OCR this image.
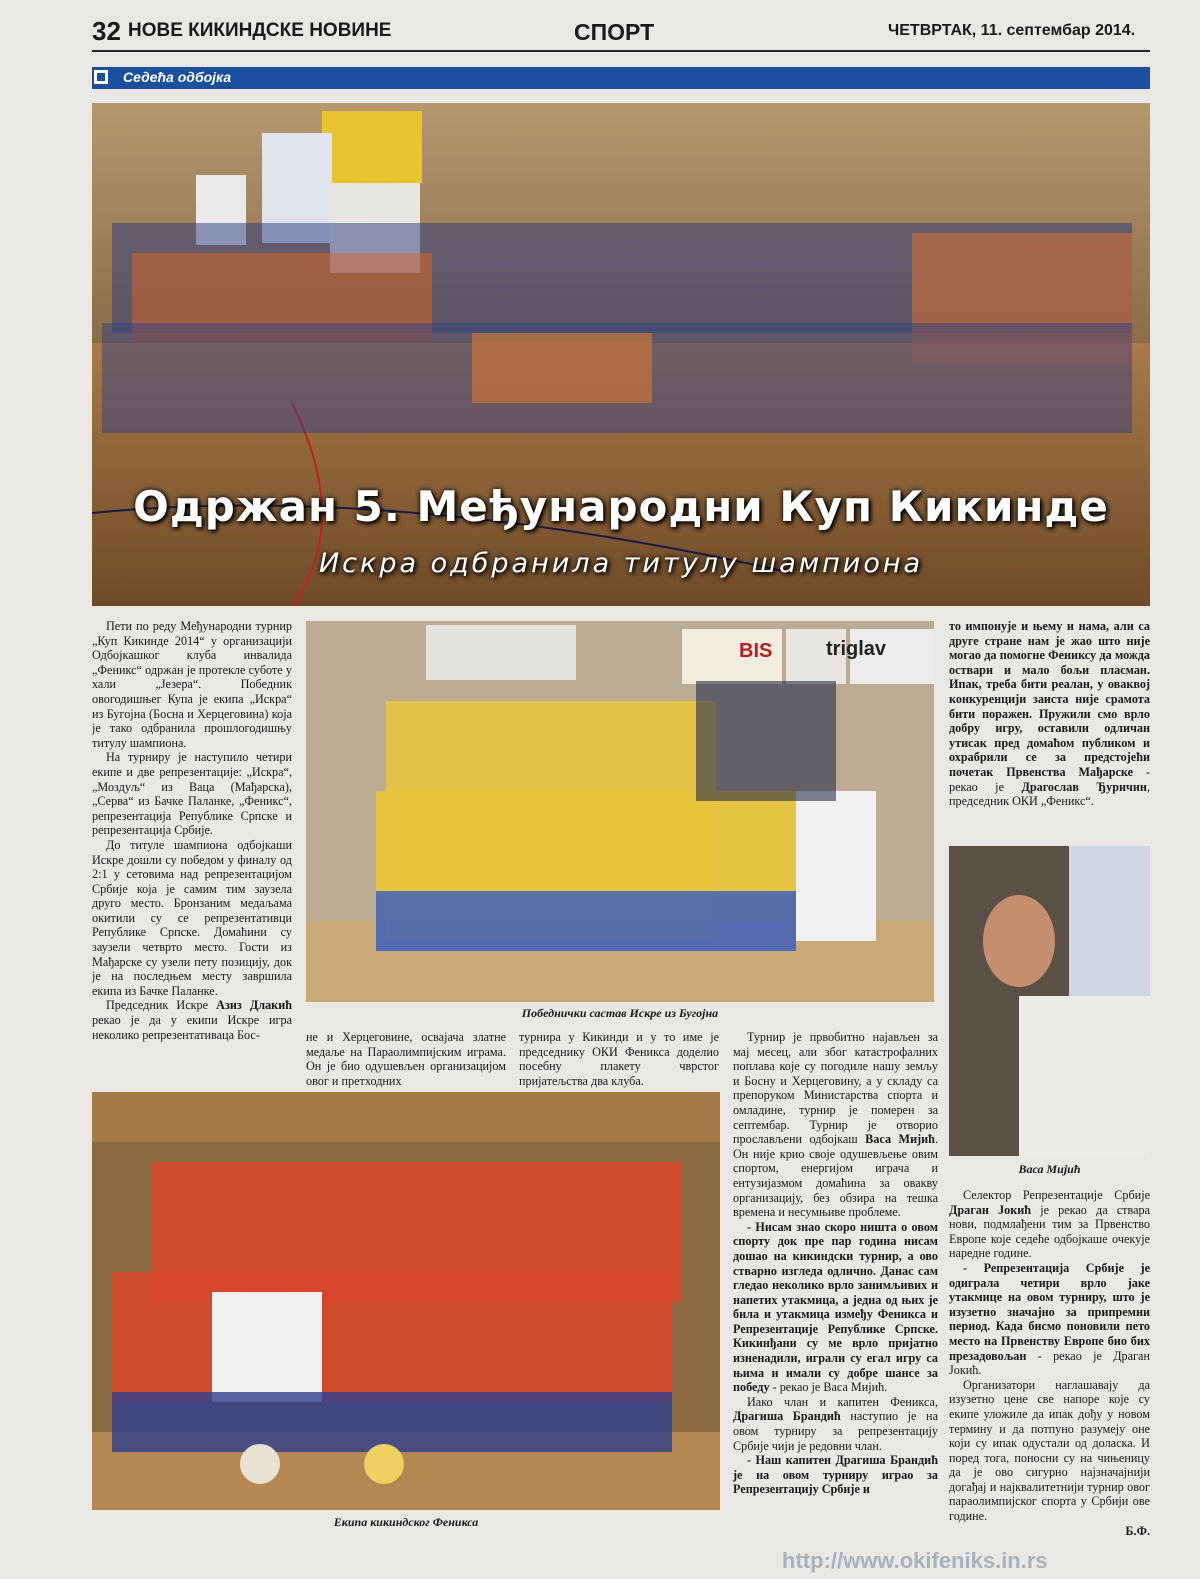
32 НОВЕ КИКИНДСКЕ НОВИНЕ	СПОРТ	ЧЕТВРТАК, 11. септембар 2014.
Седећа одбојка
Одржан 5. Међународни Куп Кикинде
Искра одбранила титулу шампиона

Пети по реду Међународни турнир „Куп Кикинде 2014“ у организацији Одбојкашког клуба инвалида „Феникс“ одржан је протекле суботе у хали „Језера“. Победник овогодишњег Купа је екипа „Искра“ из Бугојна (Босна и Херцеговина) која је тако одбранила прошлогодишњу титулу шампиона.

На турниру је наступило четири екипе и две репрезентације: „Искра“, „Моздуљ“ из Ваца (Мађарска), „Серва“ из Бачке Паланке, „Феникс“, репрезентација Републике Српске и репрезентација Србије.

До титуле шампиона одбојкаши Искре дошли су победом у финалу од 2:1 у сетовима над репрезентацијом Србије која је самим тим заузела друго место. Бронзаним медаљама окитили су се репрезентативци Републике Српске. Домаћини су заузели четврто место. Гости из Мађарске су узели пету позицију, док је на последњем месту завршила екипа из Бачке Паланке.

Председник Искре Азиз Длакић рекао је да у екипи Искре игра неколико репрезентативаца Бос-

BIS	triglav
Победнички састав Искре из Бугојна

не и Херцеговине, освајача златне медаље на Параолимпијским играма. Он је био одушевљен организацијом овог и претходних

турнира у Кикинди и у то име је председнику ОКИ Феникса доделио посебну плакету чврстог пријатељства два клуба.

Турнир је првобитно најављен за мај месец, али због катастрофалних поплава које су погодиле нашу земљу и Босну и Херцеговину, а у складу са препоруком Министарства спорта и омладине, турнир је померен за септембар. Турнир је отворио прослављени одбојкаш Васа Мијић. Он није крио своје одушевљење овим спортом, енергијом играча и ентузијазмом домаћина за овакву организацију, без обзира на тешка времена и несумњиве проблеме.

- Нисам знао скоро ништа о овом спорту док пре пар година нисам дошао на кикиндски турнир, а ово стварно изгледа одлично. Данас сам гледао неколико врло занимљивих и напетих утакмица, а једна од њих је била и утакмица између Феникса и Репрезентације Републике Српске. Кикинђани су ме врло пријатно изненадили, играли су егал игру са њима и имали су добре шансе за победу - рекао је Васа Мијић.

Иако члан и капитен Феникса, Драгиша Брандић наступио је на овом турниру за репрезентацију Србије чији је редовни члан.

- Наш капитен Драгиша Брандић је на овом турниру играо за Репрезентацију Србије и

Екипа кикиндског Феникса
Васа Мијић

то импонује и њему и нама, али са друге стране нам је жао што није могао да помогне Фениксу да можда оствари и мало бољи пласман. Ипак, треба бити реалан, у оваквој конкуренцији заиста није срамота бити поражен. Пружили смо врло добру игру, оставили одличан утисак пред домаћом публиком и охрабрили се за предстојећи почетак Првенства Мађарске - рекао је Драгослав Ђуричин, председник ОКИ „Феникс“.

Селектор Репрезентације Србије Драган Јокић је рекао да ствара нови, подмлађени тим за Првенство Европе које седеће одбојкаше очекује наредне године.

- Репрезентација Србије је одиграла четири врло јаке утакмице на овом турниру, што је изузетно значајно за припремни период. Када бисмо поновили пето место на Првенству Европе био бих презадовољан - рекао је Драган Јокић.

Организатори наглашавају да изузетно цене све напоре које су екипе уложиле да ипак дођу у новом термину и да потпуно разумеју оне који су ипак одустали од доласка. И поред тога, поносни су на чињеницу да је ово сигурно најзначајнији догађај и најквалитетнији турнир овог параолимпијског спорта у Србији ове године.

Б.Ф.
http://www.okifeniks.in.rs
